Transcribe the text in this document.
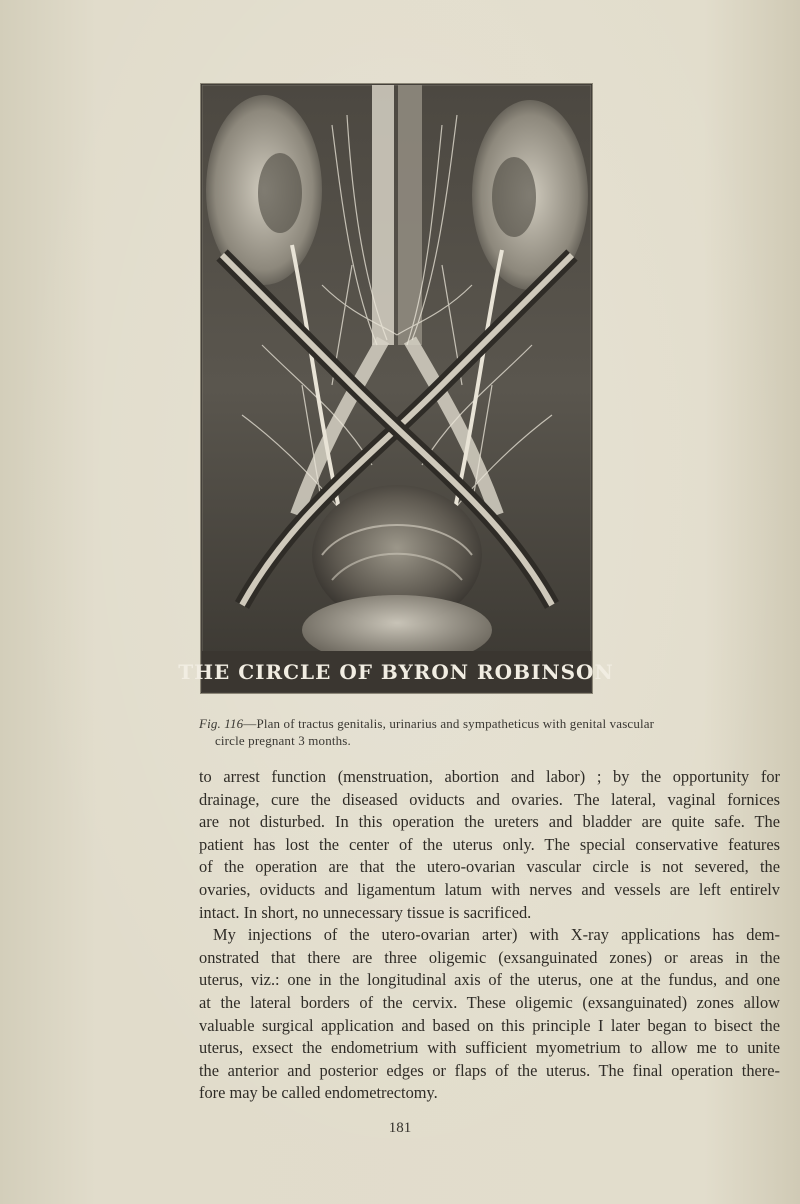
THE CIRCLE OF BYRON ROBINSON
Fig. 116—Plan of tractus genitalis, urinarius and sympatheticus with genital vascular
circle pregnant 3 months.

to arrest function (menstruation, abortion and labor) ; by the opportunity for
drainage, cure the diseased oviducts and ovaries. The lateral, vaginal fornices
are not disturbed. In this operation the ureters and bladder are quite safe. The
patient has lost the center of the uterus only. The special conservative features
of the operation are that the utero-ovarian vascular circle is not severed, the
ovaries, oviducts and ligamentum latum with nerves and vessels are left entirelv
intact. In short, no unnecessary tissue is sacrificed.

My injections of the utero-ovarian arter) with X-ray applications has dem-
onstrated that there are three oligemic (exsanguinated zones) or areas in the
uterus, viz.: one in the longitudinal axis of the uterus, one at the fundus, and one
at the lateral borders of the cervix. These oligemic (exsanguinated) zones allow
valuable surgical application and based on this principle I later began to bisect the
uterus, exsect the endometrium with sufficient myometrium to allow me to unite
the anterior and posterior edges or flaps of the uterus. The final operation there-
fore may be called endometrectomy.

181
